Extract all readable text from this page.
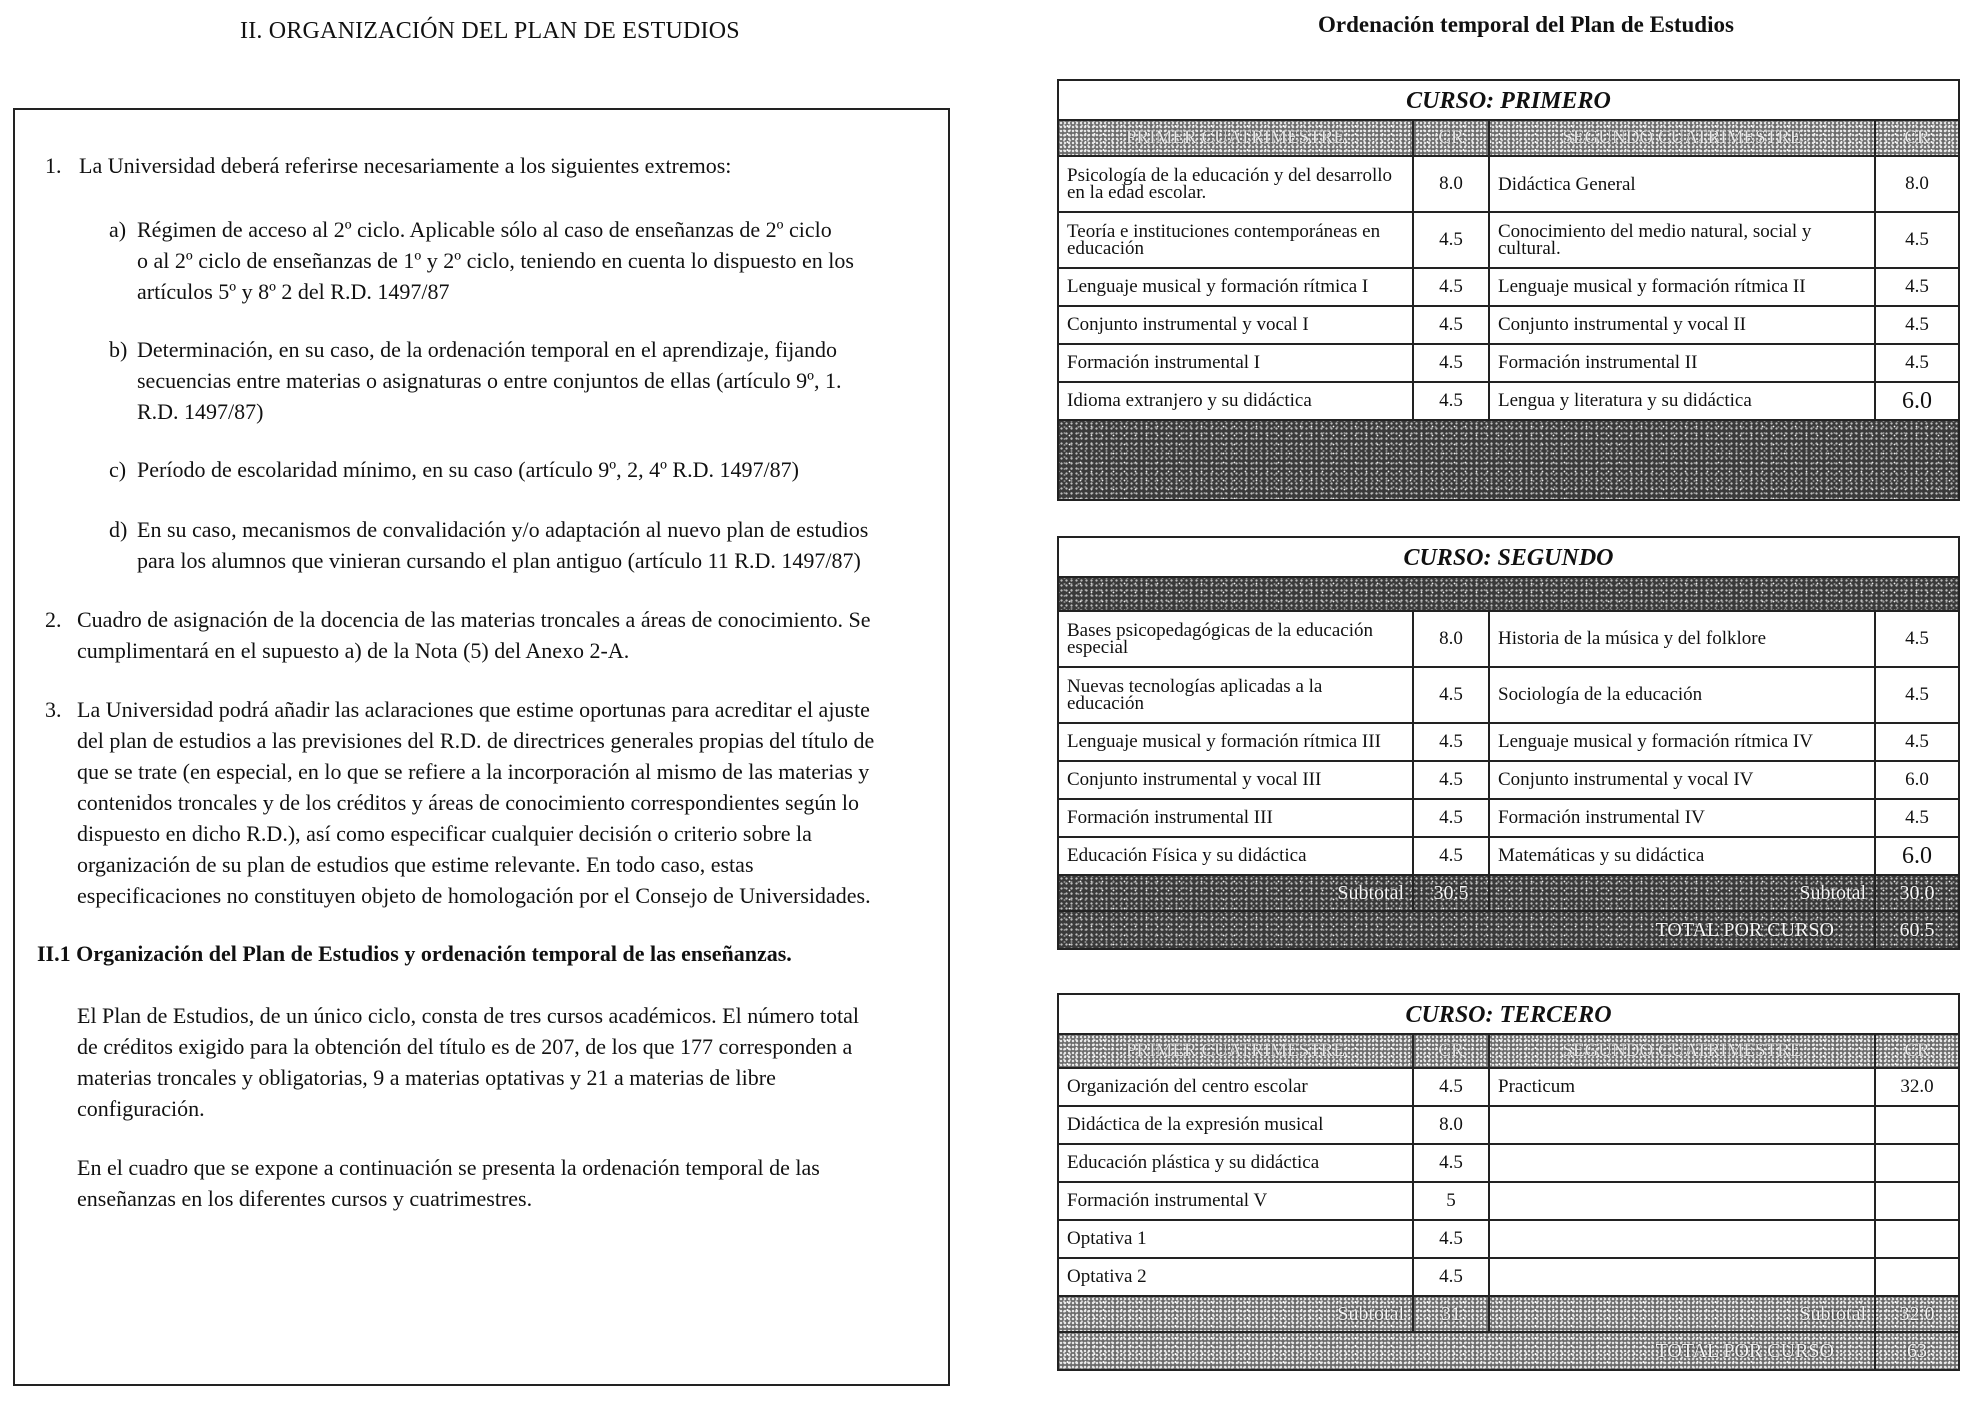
II. ORGANIZACIÓN DEL PLAN DE ESTUDIOS
1. La Universidad deberá referirse necesariamente a los siguientes extremos:
a) Régimen de acceso al 2º ciclo. Aplicable sólo al caso de enseñanzas de 2º ciclo
o al 2º ciclo de enseñanzas de 1º y 2º ciclo, teniendo en cuenta lo dispuesto en los
artículos 5º y 8º 2 del R.D. 1497/87
b) Determinación, en su caso, de la ordenación temporal en el aprendizaje, fijando
secuencias entre materias o asignaturas o entre conjuntos de ellas (artículo 9º, 1.
R.D. 1497/87)
c) Período de escolaridad mínimo, en su caso (artículo 9º, 2, 4º R.D. 1497/87)
d) En su caso, mecanismos de convalidación y/o adaptación al nuevo plan de estudios
para los alumnos que vinieran cursando el plan antiguo (artículo 11 R.D. 1497/87)
2. Cuadro de asignación de la docencia de las materias troncales a áreas de conocimiento. Se
cumplimentará en el supuesto a) de la Nota (5) del Anexo 2-A.
3. La Universidad podrá añadir las aclaraciones que estime oportunas para acreditar el ajuste
del plan de estudios a las previsiones del R.D. de directrices generales propias del título de
que se trate (en especial, en lo que se refiere a la incorporación al mismo de las materias y
contenidos troncales y de los créditos y áreas de conocimiento correspondientes según lo
dispuesto en dicho R.D.), así como especificar cualquier decisión o criterio sobre la
organización de su plan de estudios que estime relevante. En todo caso, estas
especificaciones no constituyen objeto de homologación por el Consejo de Universidades.
II.1 Organización del Plan de Estudios y ordenación temporal de las enseñanzas.
El Plan de Estudios, de un único ciclo, consta de tres cursos académicos. El número total
de créditos exigido para la obtención del título es de 207, de los que 177 corresponden a
materias troncales y obligatorias, 9 a materias optativas y 21 a materias de libre
configuración.
En el cuadro que se expone a continuación se presenta la ordenación temporal de las
enseñanzas en los diferentes cursos y cuatrimestres.
Ordenación temporal del Plan de Estudios
CURSO: PRIMERO
PRIMER CUATRIMESTRE	CR	SEGUNDO CUATRIMESTRE	CR
Psicología de la educación y del desarrollo en la edad escolar.	8.0	Didáctica General	8.0
Teoría e instituciones contemporáneas en educación	4.5	Conocimiento del medio natural, social y cultural.	4.5
Lenguaje musical y formación rítmica I	4.5	Lenguaje musical y formación rítmica II	4.5
Conjunto instrumental y vocal I	4.5	Conjunto instrumental y vocal II	4.5
Formación instrumental I	4.5	Formación instrumental II	4.5
Idioma extranjero y su didáctica	4.5	Lengua y literatura y su didáctica	6.0
CURSO: SEGUNDO
Bases psicopedagógicas de la educación especial	8.0	Historia de la música y del folklore	4.5
Nuevas tecnologías aplicadas a la educación	4.5	Sociología de la educación	4.5
Lenguaje musical y formación rítmica III	4.5	Lenguaje musical y formación rítmica IV	4.5
Conjunto instrumental y vocal III	4.5	Conjunto instrumental y vocal IV	6.0
Formación instrumental III	4.5	Formación instrumental IV	4.5
Educación Física y su didáctica	4.5	Matemáticas y su didáctica	6.0
Subtotal	30.5	Subtotal	30.0
TOTAL POR CURSO	60.5
CURSO: TERCERO
PRIMER CUATRIMESTRE	CR	SEGUNDO CUATRIMESTRE	CR
Organización del centro escolar	4.5	Practicum	32.0
Didáctica de la expresión musical	8.0
Educación plástica y su didáctica	4.5
Formación instrumental V	5
Optativa 1	4.5
Optativa 2	4.5
Subtotal	31	Subtotal	32.0
TOTAL POR CURSO	63
